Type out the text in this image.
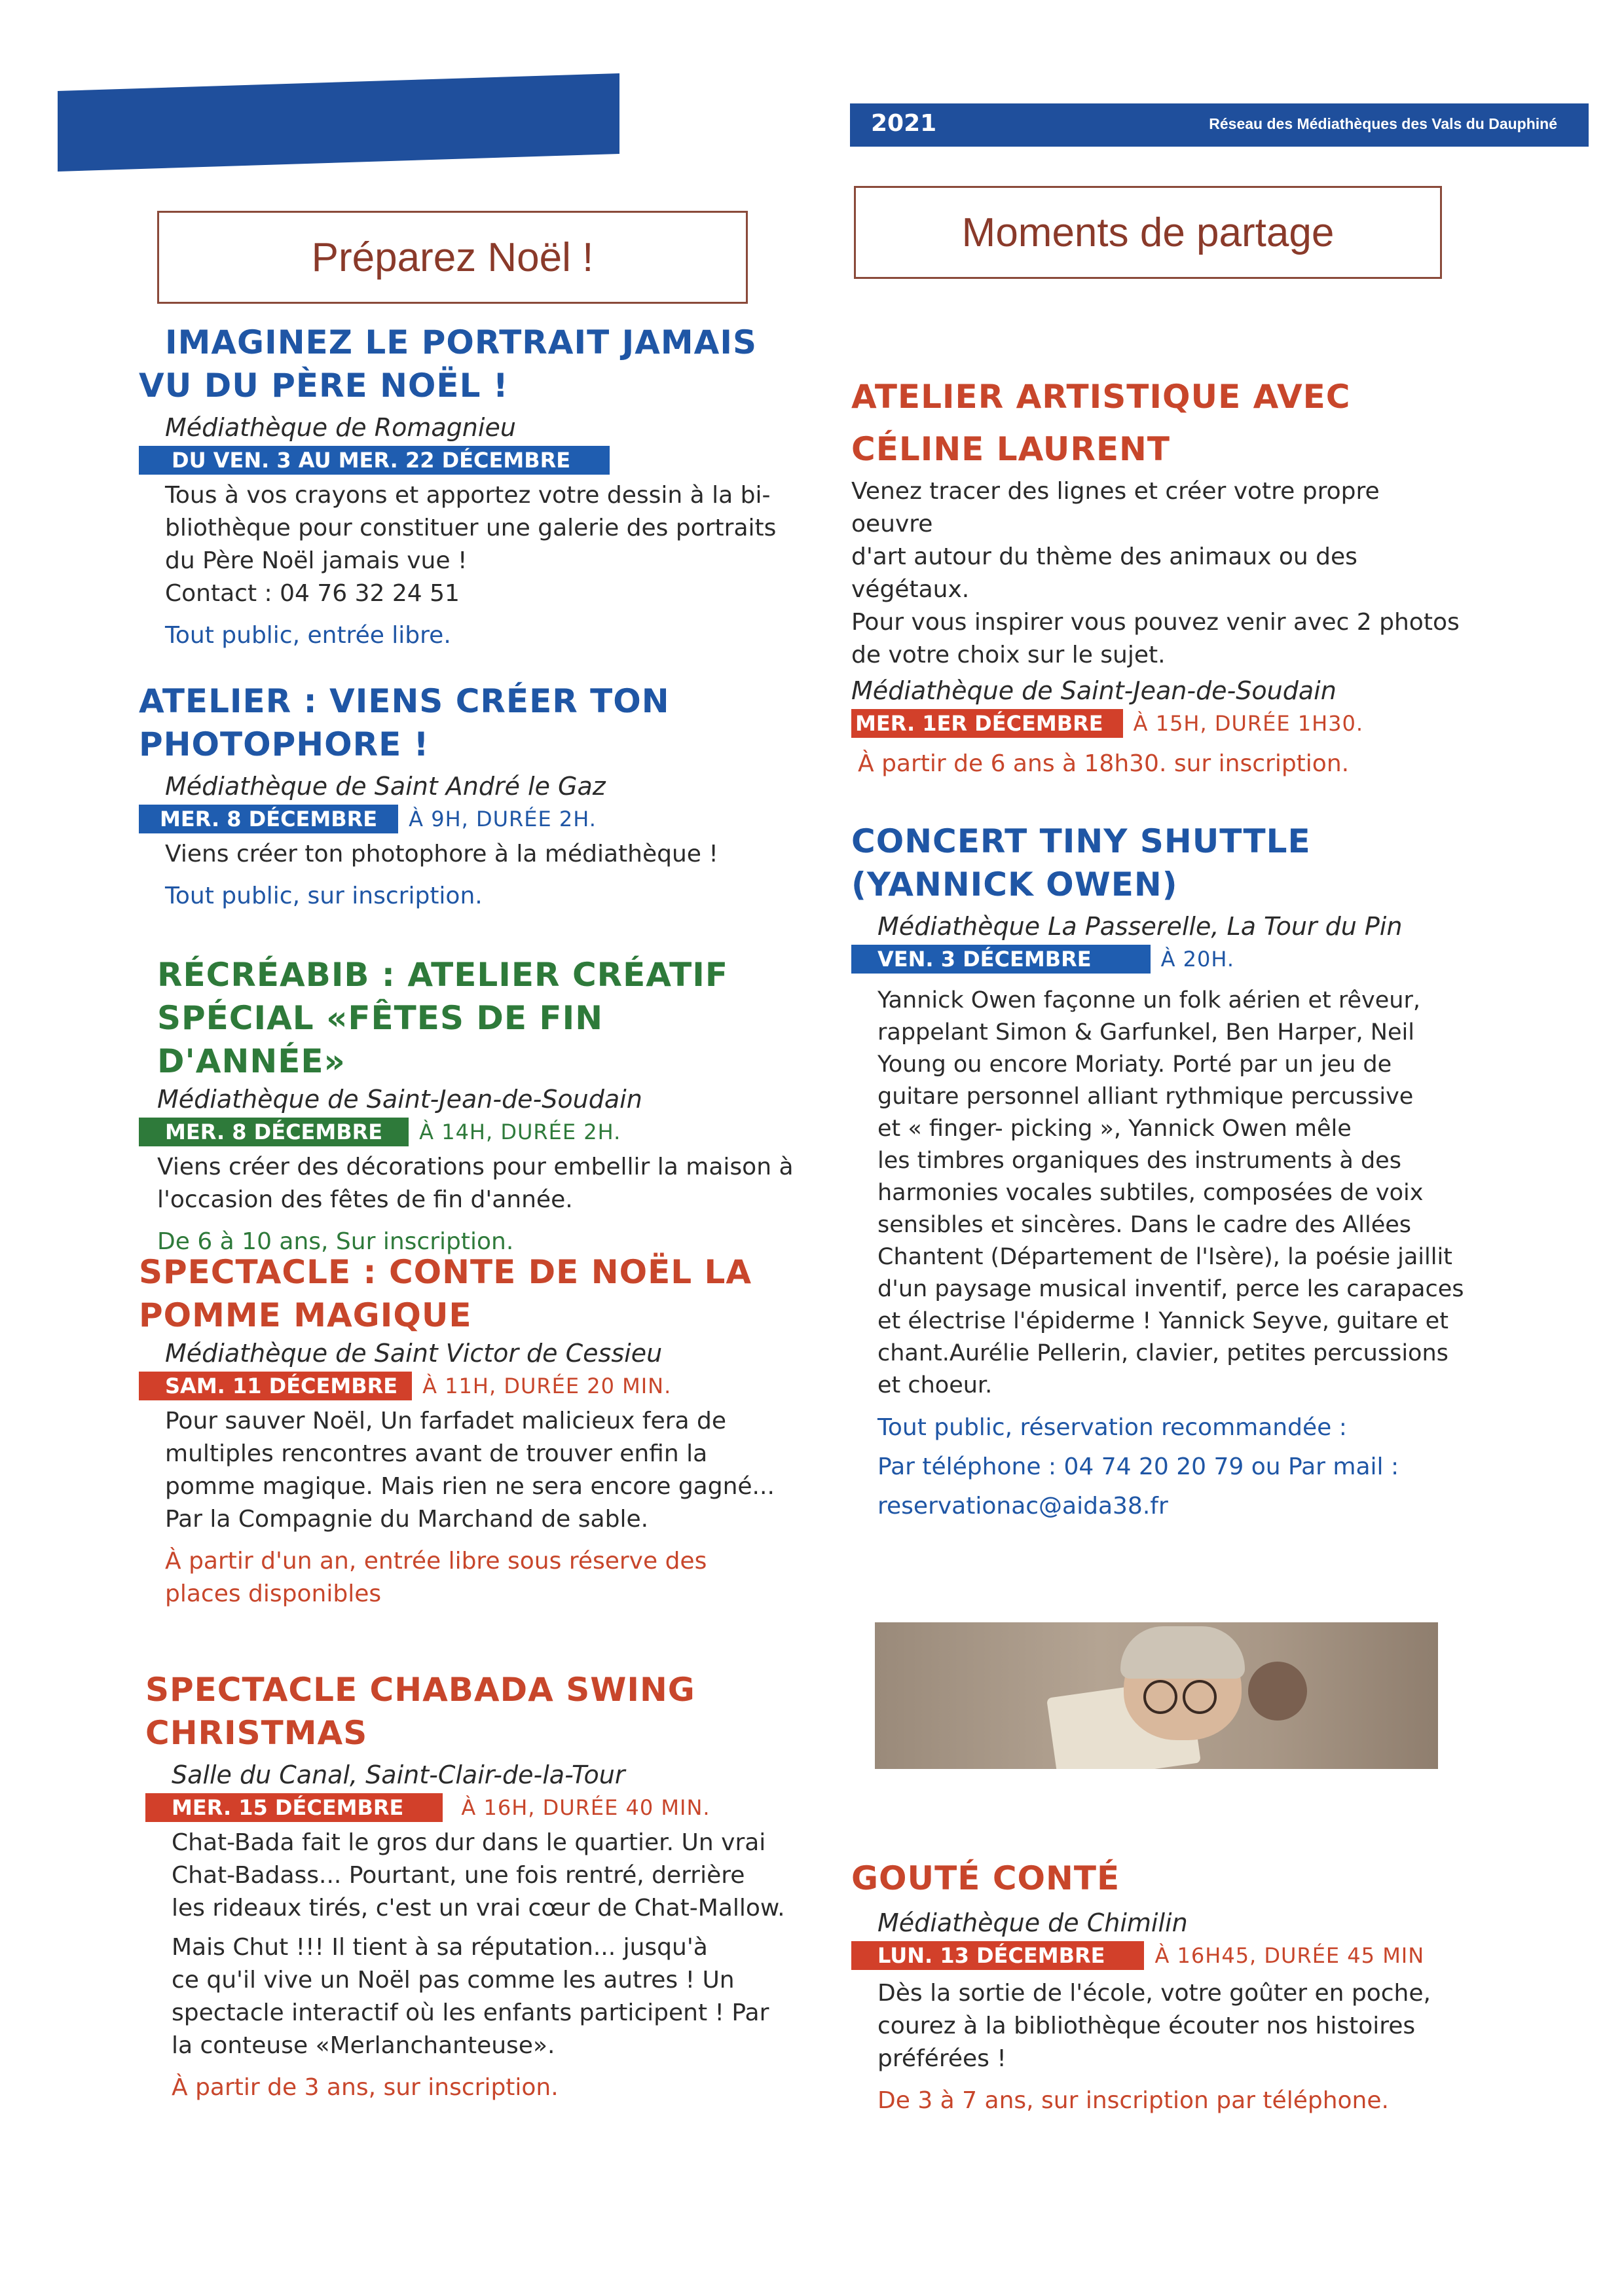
2021	Réseau des Médiathèques des Vals du Dauphiné
Préparez Noël !
Moments de partage

IMAGINEZ LE PORTRAIT JAMAIS
VU DU PÈRE NOËL !

Médiathèque de Romagnieu

DU VEN. 3 AU MER. 22 DÉCEMBRE

Tous à vos crayons et apportez votre dessin à la bi-
bliothèque pour constituer une galerie des portraits
du Père Noël jamais vue !
Contact : 04 76 32 24 51

Tout public, entrée libre.

ATELIER : VIENS CRÉER TON
PHOTOPHORE !

Médiathèque de Saint André le Gaz

MER. 8 DÉCEMBRE	À 9H, DURÉE 2H.

Viens créer ton photophore à la médiathèque !

Tout public, sur inscription.

RÉCRÉABIB : ATELIER CRÉATIF
SPÉCIAL «FÊTES DE FIN D'ANNÉE»

Médiathèque de Saint-Jean-de-Soudain

MER. 8 DÉCEMBRE	À 14H, DURÉE 2H.

Viens créer des décorations pour embellir la maison à
l'occasion des fêtes de fin d'année.

De 6 à 10 ans, Sur inscription.

SPECTACLE : CONTE DE NOËL LA
POMME MAGIQUE

Médiathèque de Saint Victor de Cessieu

SAM. 11 DÉCEMBRE	À 11H, DURÉE 20 MIN.

Pour sauver Noël, Un farfadet malicieux fera de
multiples rencontres avant de trouver enfin la
pomme magique. Mais rien ne sera encore gagné...
Par la Compagnie du Marchand de sable.

À partir d'un an, entrée libre sous réserve des
places disponibles

SPECTACLE CHABADA SWING
CHRISTMAS

Salle du Canal, Saint-Clair-de-la-Tour

MER. 15 DÉCEMBRE	À 16H, DURÉE 40 MIN.

Chat-Bada fait le gros dur dans le quartier. Un vrai
Chat-Badass... Pourtant, une fois rentré, derrière
les rideaux tirés, c'est un vrai cœur de Chat-Mallow.

Mais Chut !!! Il tient à sa réputation... jusqu'à
ce qu'il vive un Noël pas comme les autres ! Un
spectacle interactif où les enfants participent ! Par
la conteuse «Merlanchanteuse».

À partir de 3 ans, sur inscription.

ATELIER ARTISTIQUE AVEC
CÉLINE LAURENT

Venez tracer des lignes et créer votre propre oeuvre
d'art autour du thème des animaux ou des végétaux.
Pour vous inspirer vous pouvez venir avec 2 photos
de votre choix sur le sujet.

Médiathèque de Saint-Jean-de-Soudain

MER. 1ER DÉCEMBRE	À 15H, DURÉE 1H30.

À partir de 6 ans à 18h30. sur inscription.

CONCERT TINY SHUTTLE
(YANNICK OWEN)

Médiathèque La Passerelle, La Tour du Pin

VEN. 3 DÉCEMBRE	À 20H.

Yannick Owen façonne un folk aérien et rêveur,
rappelant Simon & Garfunkel, Ben Harper, Neil
Young ou encore Moriaty. Porté par un jeu de
guitare personnel alliant rythmique percussive
et « finger- picking », Yannick Owen mêle
les timbres organiques des instruments à des
harmonies vocales subtiles, composées de voix
sensibles et sincères. Dans le cadre des Allées
Chantent (Département de l'Isère), la poésie jaillit
d'un paysage musical inventif, perce les carapaces
et électrise l'épiderme ! Yannick Seyve, guitare et
chant.Aurélie Pellerin, clavier, petites percussions
et choeur.

Tout public, réservation recommandée :
Par téléphone : 04 74 20 20 79 ou Par mail :
reservationac@aida38.fr

GOUTÉ CONTÉ

Médiathèque de Chimilin

LUN. 13 DÉCEMBRE	À 16H45, DURÉE 45 MIN

Dès la sortie de l'école, votre goûter en poche,
courez à la bibliothèque écouter nos histoires
préférées !

De 3 à 7 ans, sur inscription par téléphone.
